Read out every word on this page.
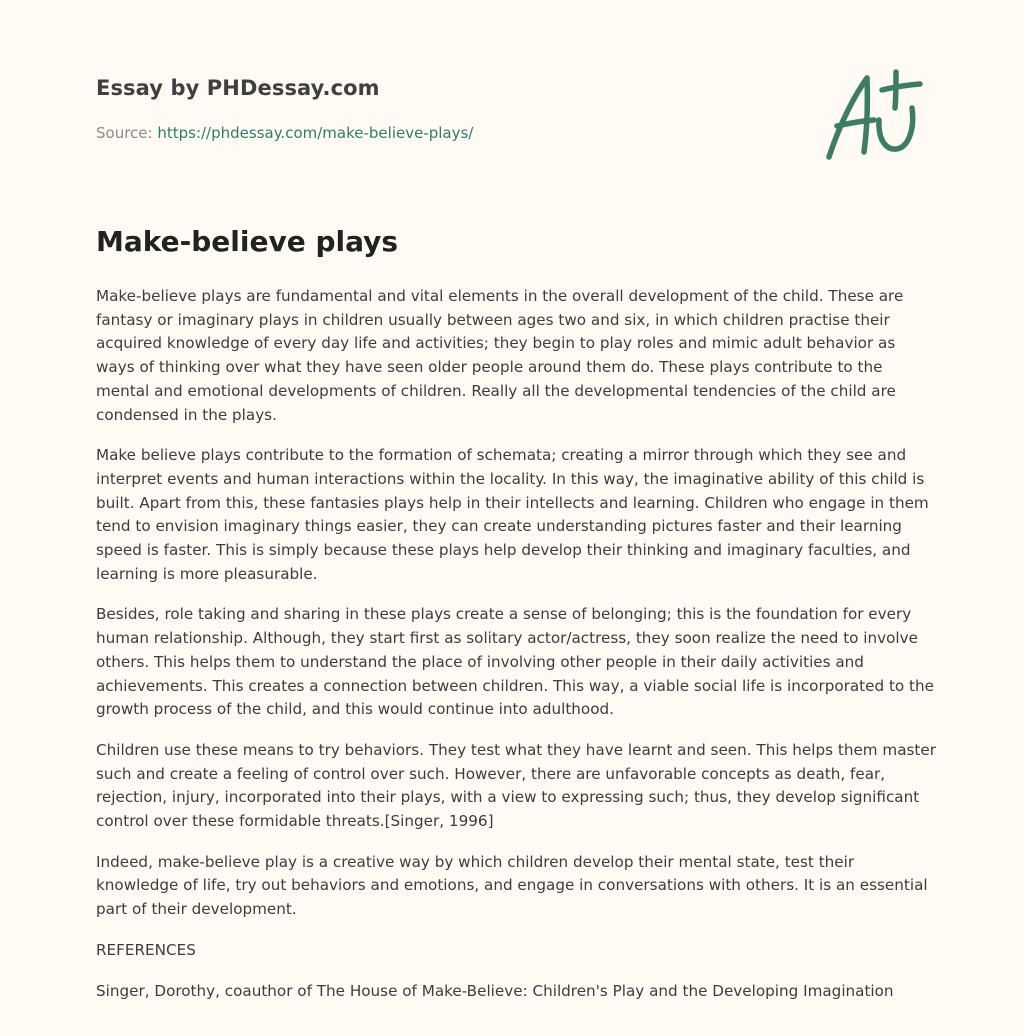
Essay by PHDessay.com
Source: https://phdessay.com/make-believe-plays/
Make-believe plays

Make-believe plays are fundamental and vital elements in the overall development of the child. These are fantasy or imaginary plays in children usually between ages two and six, in which children practise their acquired knowledge of every day life and activities; they begin to play roles and mimic adult behavior as ways of thinking over what they have seen older people around them do. These plays contribute to the mental and emotional developments of children. Really all the developmental tendencies of the child are condensed in the plays.

Make believe plays contribute to the formation of schemata; creating a mirror through which they see and interpret events and human interactions within the locality. In this way, the imaginative ability of this child is built. Apart from this, these fantasies plays help in their intellects and learning. Children who engage in them tend to envision imaginary things easier, they can create understanding pictures faster and their learning speed is faster. This is simply because these plays help develop their thinking and imaginary faculties, and learning is more pleasurable.

Besides, role taking and sharing in these plays create a sense of belonging; this is the foundation for every human relationship. Although, they start first as solitary actor/actress, they soon realize the need to involve others. This helps them to understand the place of involving other people in their daily activities and achievements. This creates a connection between children. This way, a viable social life is incorporated to the growth process of the child, and this would continue into adulthood.

Children use these means to try behaviors. They test what they have learnt and seen. This helps them master such and create a feeling of control over such. However, there are unfavorable concepts as death, fear, rejection, injury, incorporated into their plays, with a view to expressing such; thus, they develop significant control over these formidable threats.[Singer, 1996]

Indeed, make-believe play is a creative way by which children develop their mental state, test their knowledge of life, try out behaviors and emotions, and engage in conversations with others. It is an essential part of their development.

REFERENCES

Singer, Dorothy, coauthor of The House of Make-Believe: Children's Play and the Developing Imagination
